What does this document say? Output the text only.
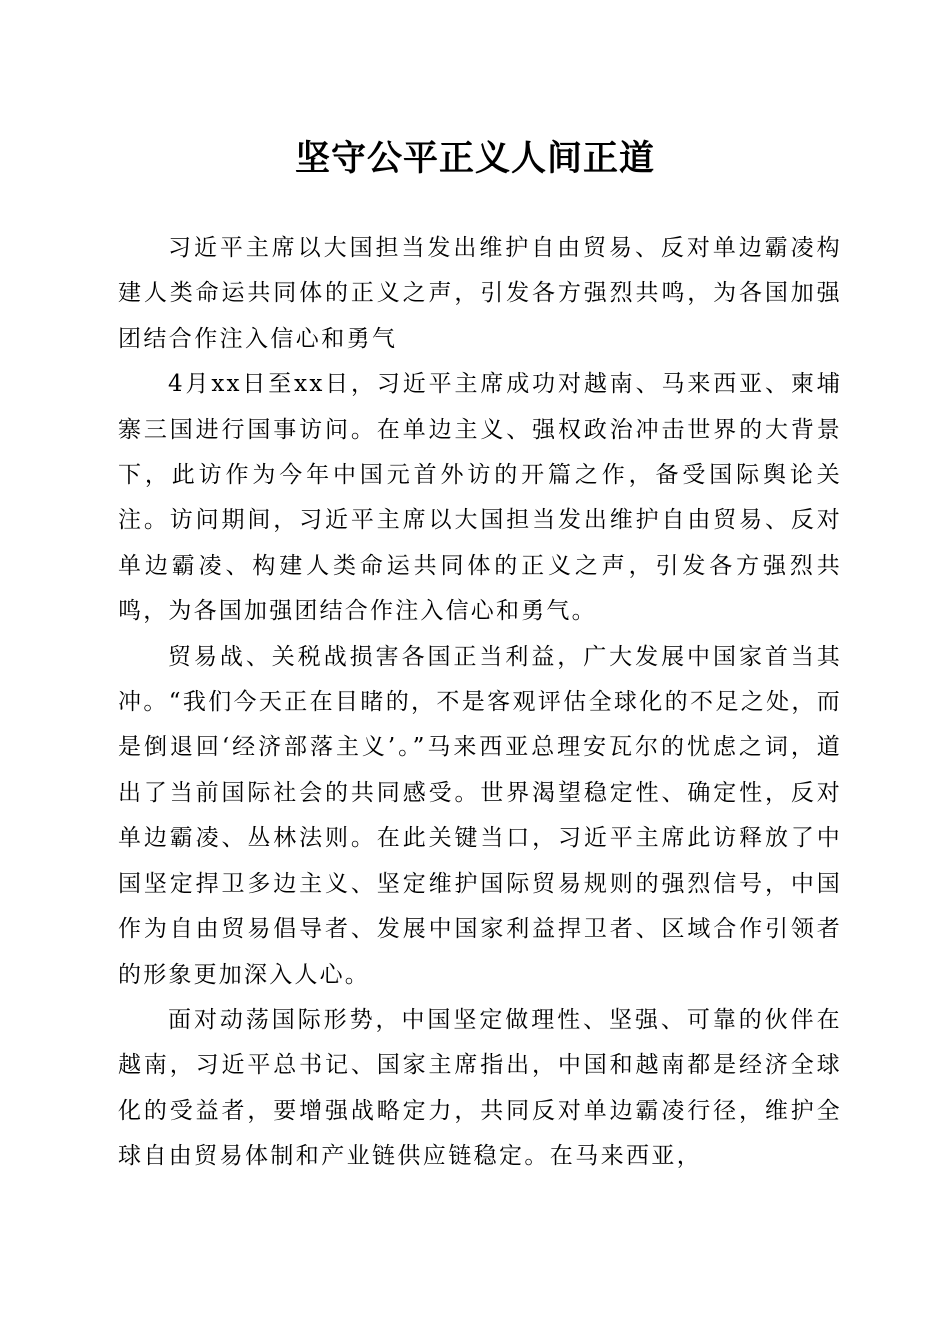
坚守公平正义人间正道

习近平主席以大国担当发出维护自由贸易、反对单边霸凌构建人类命运共同体的正义之声，引发各方强烈共鸣，为各国加强团结合作注入信心和勇气

4月xx日至xx日，习近平主席成功对越南、马来西亚、柬埔寨三国进行国事访问。在单边主义、强权政治冲击世界的大背景下，此访作为今年中国元首外访的开篇之作，备受国际舆论关注。访问期间，习近平主席以大国担当发出维护自由贸易、反对单边霸凌、构建人类命运共同体的正义之声，引发各方强烈共鸣，为各国加强团结合作注入信心和勇气。

贸易战、关税战损害各国正当利益，广大发展中国家首当其冲。“我们今天正在目睹的，不是客观评估全球化的不足之处，而是倒退回‘经济部落主义’。”马来西亚总理安瓦尔的忧虑之词，道出了当前国际社会的共同感受。世界渴望稳定性、确定性，反对单边霸凌、丛林法则。在此关键当口，习近平主席此访释放了中国坚定捍卫多边主义、坚定维护国际贸易规则的强烈信号，中国作为自由贸易倡导者、发展中国家利益捍卫者、区域合作引领者的形象更加深入人心。

面对动荡国际形势，中国坚定做理性、坚强、可靠的伙伴在越南，习近平总书记、国家主席指出，中国和越南都是经济全球化的受益者，要增强战略定力，共同反对单边霸凌行径，维护全球自由贸易体制和产业链供应链稳定。在马来西亚，
